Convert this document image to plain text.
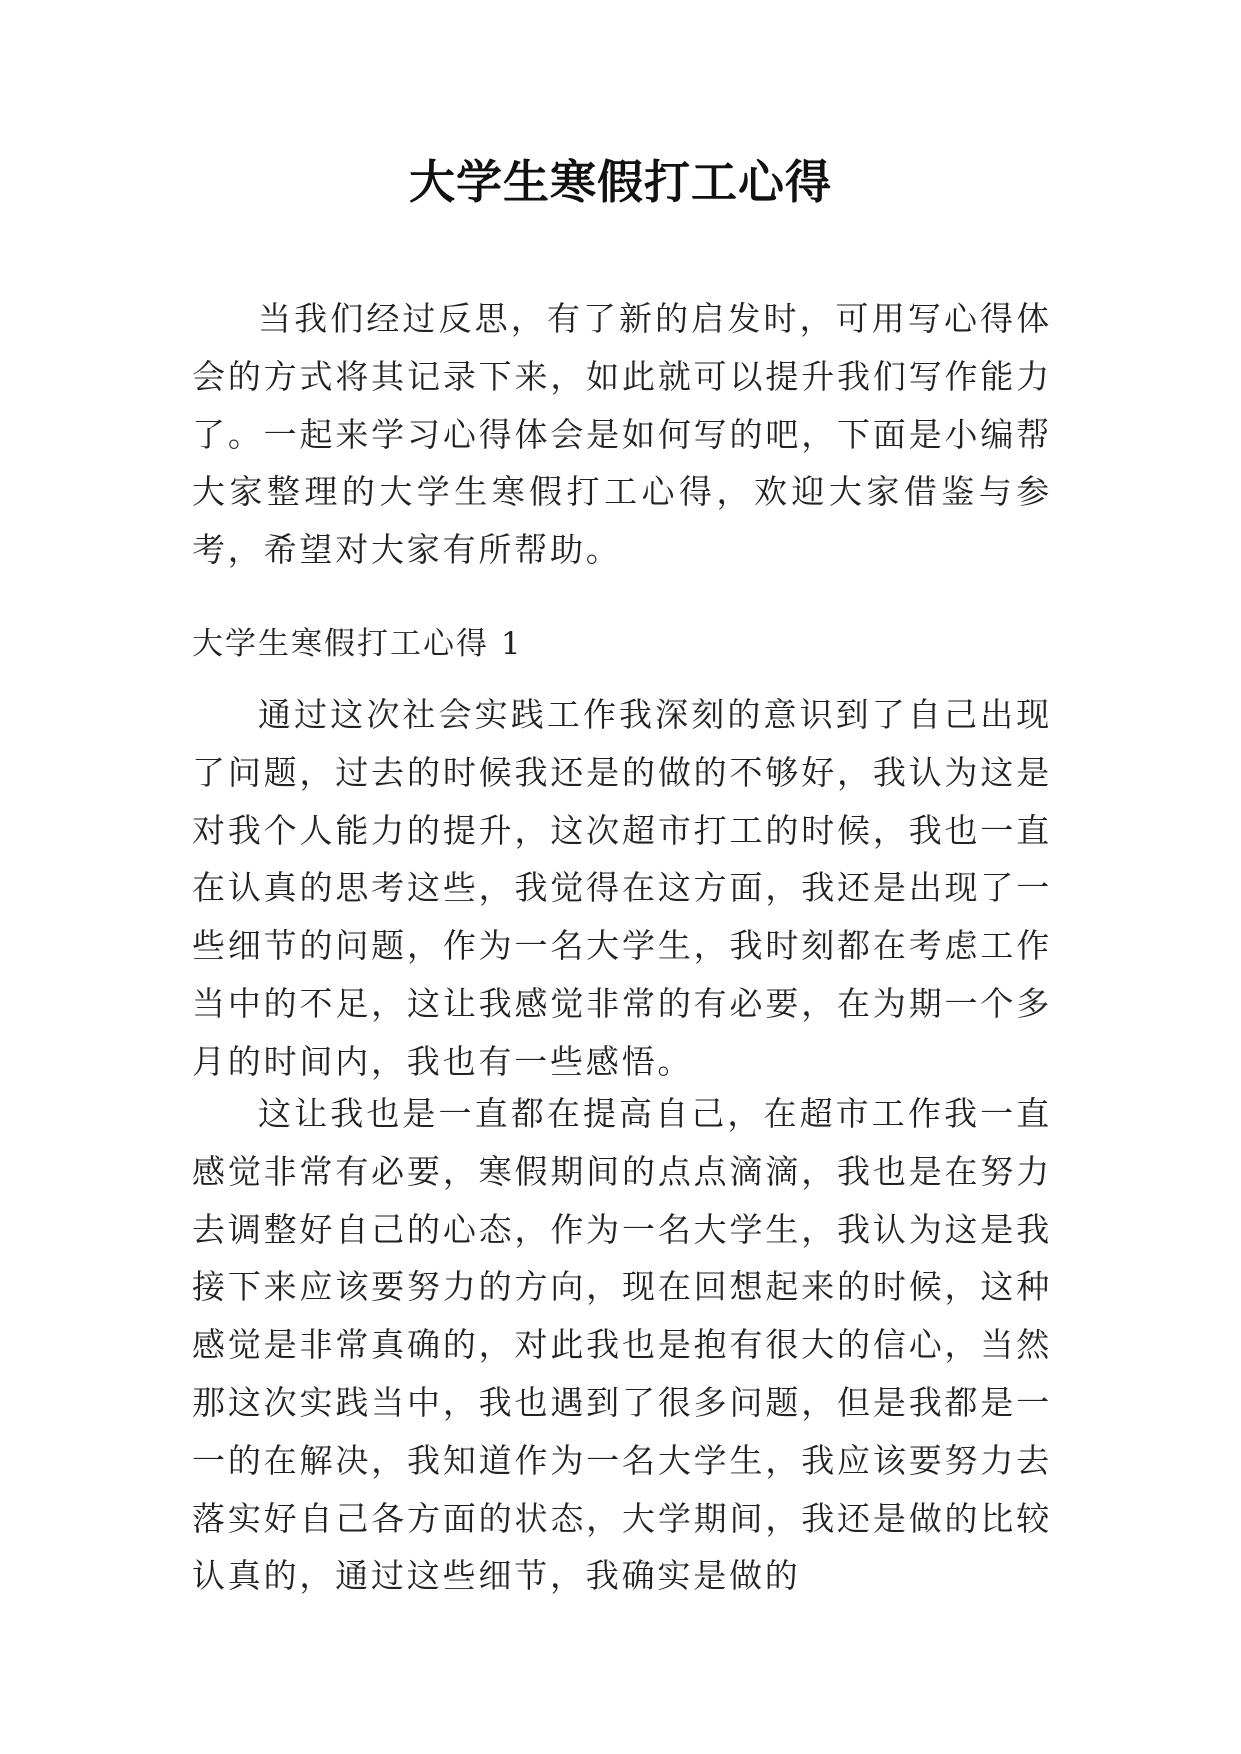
大学生寒假打工心得

当我们经过反思，有了新的启发时，可用写心得体会的方式将其记录下来，如此就可以提升我们写作能力了。一起来学习心得体会是如何写的吧，下面是小编帮大家整理的大学生寒假打工心得，欢迎大家借鉴与参考，希望对大家有所帮助。

大学生寒假打工心得 1

通过这次社会实践工作我深刻的意识到了自己出现了问题，过去的时候我还是的做的不够好，我认为这是对我个人能力的提升，这次超市打工的时候，我也一直在认真的思考这些，我觉得在这方面，我还是出现了一些细节的问题，作为一名大学生，我时刻都在考虑工作当中的不足，这让我感觉非常的有必要，在为期一个多月的时间内，我也有一些感悟。

这让我也是一直都在提高自己，在超市工作我一直感觉非常有必要，寒假期间的点点滴滴，我也是在努力去调整好自己的心态，作为一名大学生，我认为这是我接下来应该要努力的方向，现在回想起来的时候，这种感觉是非常真确的，对此我也是抱有很大的信心，当然那这次实践当中，我也遇到了很多问题，但是我都是一一的在解决，我知道作为一名大学生，我应该要努力去落实好自己各方面的状态，大学期间，我还是做的比较认真的，通过这些细节，我确实是做的
